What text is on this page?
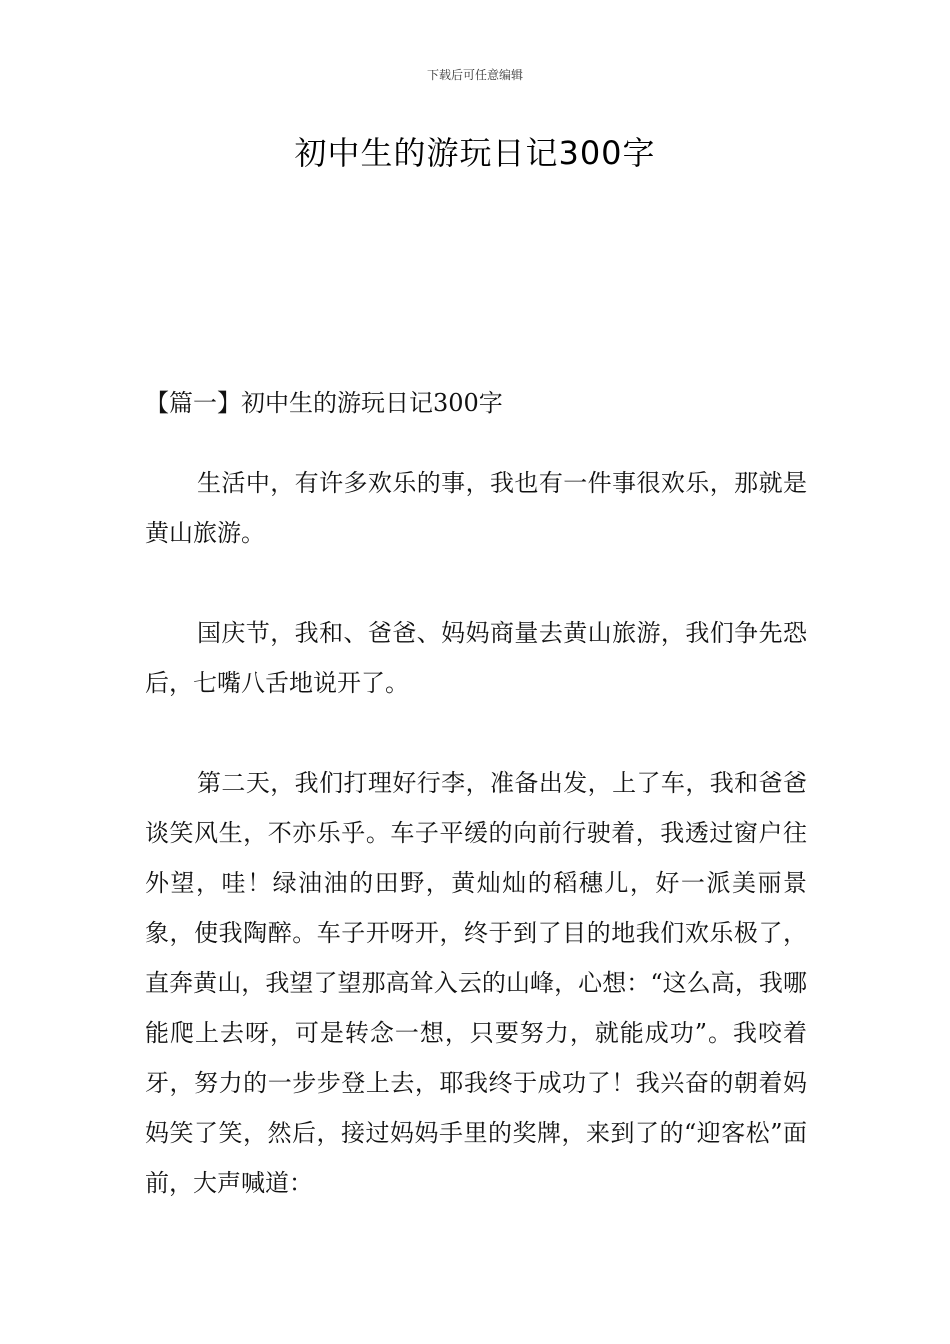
下载后可任意编辑
初中生的游玩日记300字
【篇一】初中生的游玩日记300字

生活中，有许多欢乐的事，我也有一件事很欢乐，那就是黄山旅游。

国庆节，我和、爸爸、妈妈商量去黄山旅游，我们争先恐后，七嘴八舌地说开了。

第二天，我们打理好行李，准备出发，上了车，我和爸爸谈笑风生，不亦乐乎。车子平缓的向前行驶着，我透过窗户往外望，哇！绿油油的田野，黄灿灿的稻穗儿，好一派美丽景象，使我陶醉。车子开呀开，终于到了目的地我们欢乐极了，直奔黄山，我望了望那高耸入云的山峰，心想：“这么高，我哪能爬上去呀，可是转念一想，只要努力，就能成功”。我咬着牙，努力的一步步登上去，耶我终于成功了！我兴奋的朝着妈妈笑了笑，然后，接过妈妈手里的奖牌，来到了的“迎客松”面前，大声喊道：
